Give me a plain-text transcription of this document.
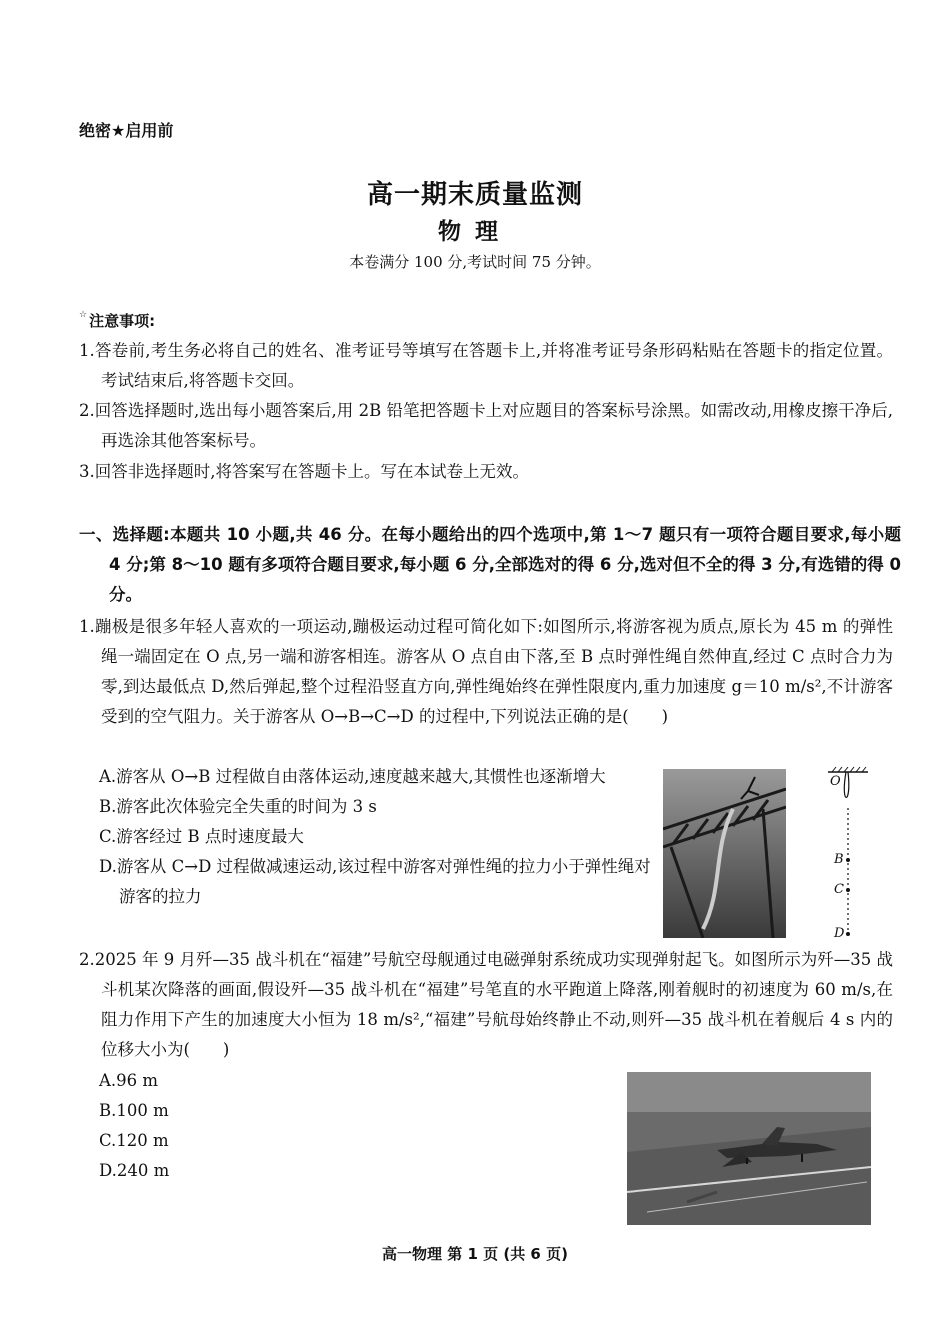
绝密★启用前
高一期末质量监测
物理
本卷满分 100 分,考试时间 75 分钟。
☆ 注意事项:
1.答卷前,考生务必将自己的姓名、准考证号等填写在答题卡上,并将准考证号条形码粘贴在答题卡的指定位置。考试结束后,将答题卡交回。
2.回答选择题时,选出每小题答案后,用 2B 铅笔把答题卡上对应题目的答案标号涂黑。如需改动,用橡皮擦干净后,再选涂其他答案标号。
3.回答非选择题时,将答案写在答题卡上。写在本试卷上无效。
一、选择题:本题共 10 小题,共 46 分。在每小题给出的四个选项中,第 1～7 题只有一项符合题目要求,每小题 4 分;第 8～10 题有多项符合题目要求,每小题 6 分,全部选对的得 6 分,选对但不全的得 3 分,有选错的得 0 分。
1.蹦极是很多年轻人喜欢的一项运动,蹦极运动过程可简化如下:如图所示,将游客视为质点,原长为 45 m 的弹性绳一端固定在 O 点,另一端和游客相连。游客从 O 点自由下落,至 B 点时弹性绳自然伸直,经过 C 点时合力为零,到达最低点 D,然后弹起,整个过程沿竖直方向,弹性绳始终在弹性限度内,重力加速度 g＝10 m/s²,不计游客受到的空气阻力。关于游客从 O→B→C→D 的过程中,下列说法正确的是(　　)
A.游客从 O→B 过程做自由落体运动,速度越来越大,其惯性也逐渐增大
B.游客此次体验完全失重的时间为 3 s
C.游客经过 B 点时速度最大
D.游客从 C→D 过程做减速运动,该过程中游客对弹性绳的拉力小于弹性绳对游客的拉力
O
B
C
D
2.2025 年 9 月歼—35 战斗机在“福建”号航空母舰通过电磁弹射系统成功实现弹射起飞。如图所示为歼—35 战斗机某次降落的画面,假设歼—35 战斗机在“福建”号笔直的水平跑道上降落,刚着舰时的初速度为 60 m/s,在阻力作用下产生的加速度大小恒为 18 m/s²,“福建”号航母始终静止不动,则歼—35 战斗机在着舰后 4 s 内的位移大小为(　　)
A.96 m
B.100 m
C.120 m
D.240 m
高一物理 第 1 页 (共 6 页)
